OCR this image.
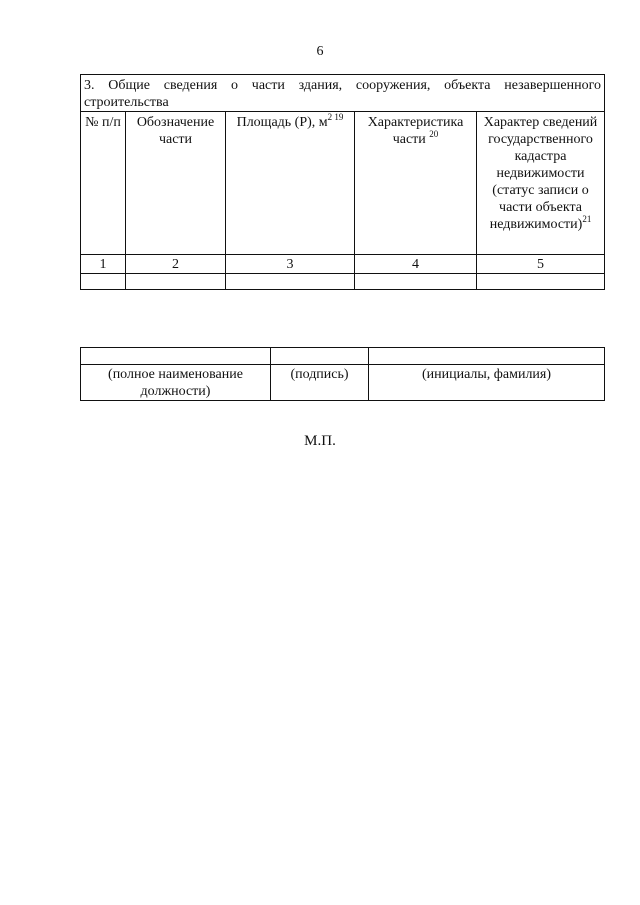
6
3. Общие сведения о части здания, сооружения, объекта незавершенного строительства				
№ п/п	Обозначение части	Площадь (Р), $м^{2 19}$	Характеристика части $^{20}$	Характер сведений государственного кадастра недвижимости (статус записи о части объекта недвижимости)$^{21}$
1	2	3	4	5

(полное наименование должности)	(подпись)	(инициалы, фамилия)
М.П.
